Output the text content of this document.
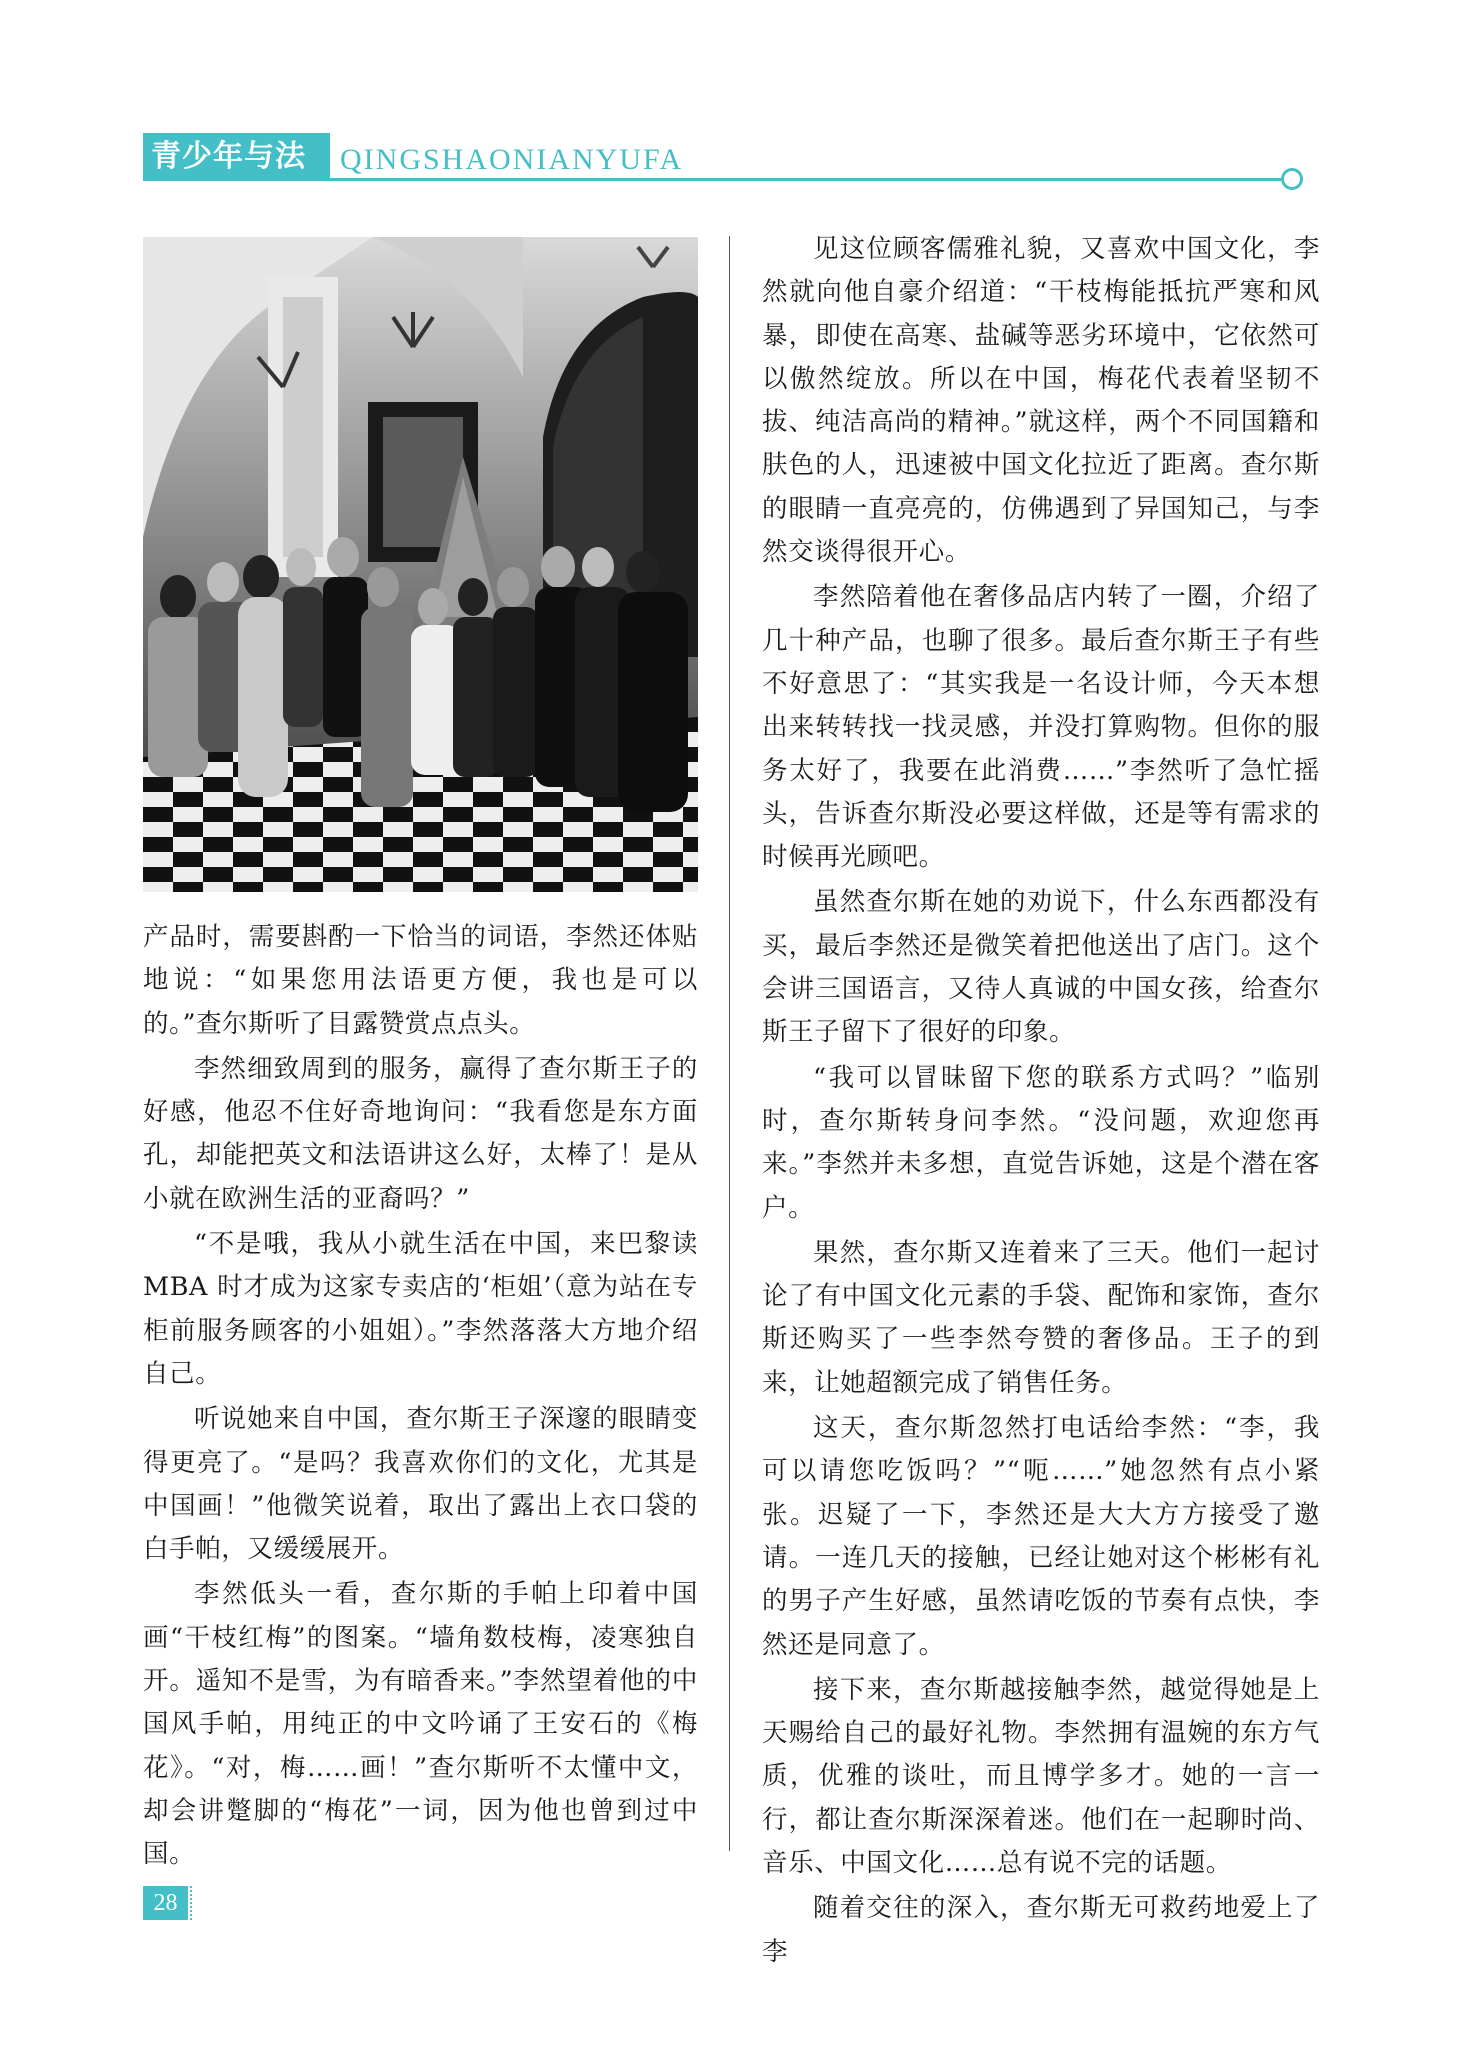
青少年与法	QINGSHAONIANYUFA

产品时，需要斟酌一下恰当的词语，李然还体贴地说：“如果您用法语更方便，我也是可以的。”查尔斯听了目露赞赏点点头。

李然细致周到的服务，赢得了查尔斯王子的好感，他忍不住好奇地询问：“我看您是东方面孔，却能把英文和法语讲这么好，太棒了！是从小就在欧洲生活的亚裔吗？”

“不是哦，我从小就生活在中国，来巴黎读MBA 时才成为这家专卖店的‘柜姐’（意为站在专柜前服务顾客的小姐姐）。”李然落落大方地介绍自己。

听说她来自中国，查尔斯王子深邃的眼睛变得更亮了。“是吗？我喜欢你们的文化，尤其是中国画！”他微笑说着，取出了露出上衣口袋的白手帕，又缓缓展开。

李然低头一看，查尔斯的手帕上印着中国画“干枝红梅”的图案。“墙角数枝梅，凌寒独自开。遥知不是雪，为有暗香来。”李然望着他的中国风手帕，用纯正的中文吟诵了王安石的《梅花》。“对，梅……画！”查尔斯听不太懂中文，却会讲蹩脚的“梅花”一词，因为他也曾到过中国。

见这位顾客儒雅礼貌，又喜欢中国文化，李然就向他自豪介绍道：“干枝梅能抵抗严寒和风暴，即使在高寒、盐碱等恶劣环境中，它依然可以傲然绽放。所以在中国，梅花代表着坚韧不拔、纯洁高尚的精神。”就这样，两个不同国籍和肤色的人，迅速被中国文化拉近了距离。查尔斯的眼睛一直亮亮的，仿佛遇到了异国知己，与李然交谈得很开心。

李然陪着他在奢侈品店内转了一圈，介绍了几十种产品，也聊了很多。最后查尔斯王子有些不好意思了：“其实我是一名设计师，今天本想出来转转找一找灵感，并没打算购物。但你的服务太好了，我要在此消费……”李然听了急忙摇头，告诉查尔斯没必要这样做，还是等有需求的时候再光顾吧。

虽然查尔斯在她的劝说下，什么东西都没有买，最后李然还是微笑着把他送出了店门。这个会讲三国语言，又待人真诚的中国女孩，给查尔斯王子留下了很好的印象。

“我可以冒昧留下您的联系方式吗？”临别时，查尔斯转身问李然。“没问题，欢迎您再来。”李然并未多想，直觉告诉她，这是个潜在客户。

果然，查尔斯又连着来了三天。他们一起讨论了有中国文化元素的手袋、配饰和家饰，查尔斯还购买了一些李然夸赞的奢侈品。王子的到来，让她超额完成了销售任务。

这天，查尔斯忽然打电话给李然：“李，我可以请您吃饭吗？”“呃……”她忽然有点小紧张。迟疑了一下，李然还是大大方方接受了邀请。一连几天的接触，已经让她对这个彬彬有礼的男子产生好感，虽然请吃饭的节奏有点快，李然还是同意了。

接下来，查尔斯越接触李然，越觉得她是上天赐给自己的最好礼物。李然拥有温婉的东方气质，优雅的谈吐，而且博学多才。她的一言一行，都让查尔斯深深着迷。他们在一起聊时尚、音乐、中国文化……总有说不完的话题。

随着交往的深入，查尔斯无可救药地爱上了李

28
